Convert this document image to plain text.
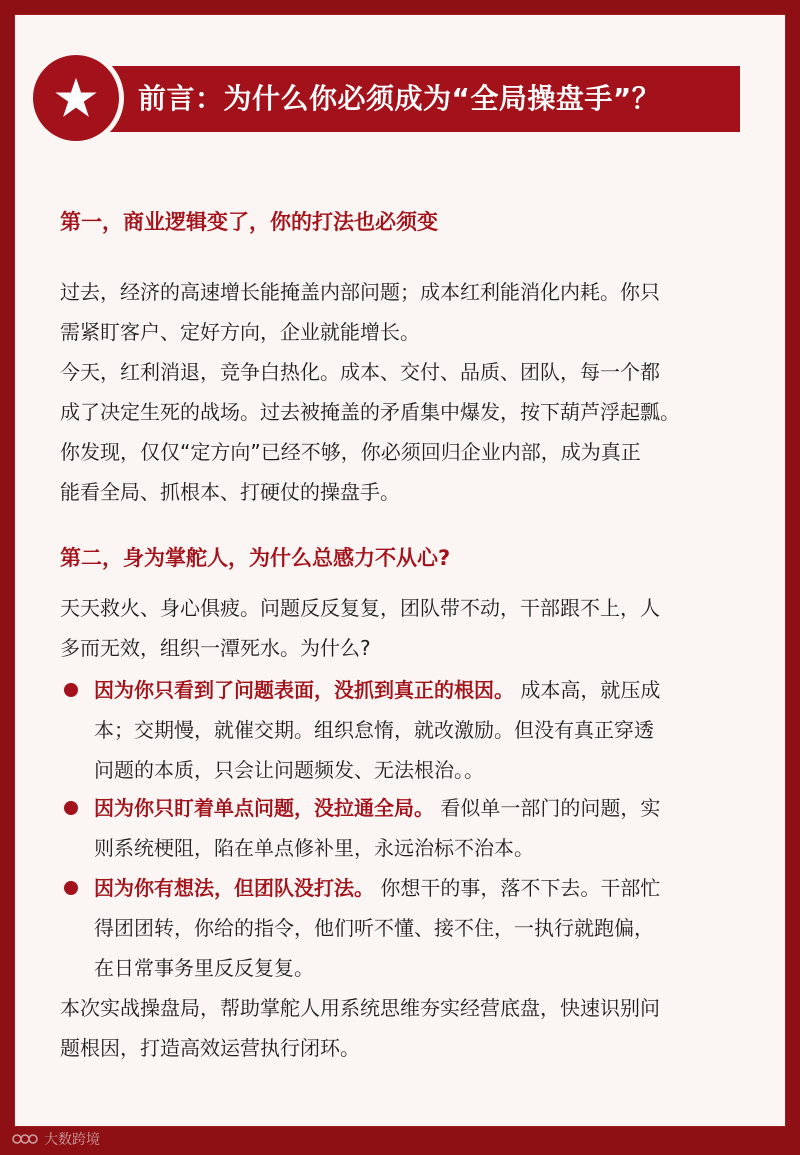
前言：为什么你必须成为“全局操盘手”？
第一，商业逻辑变了，你的打法也必须变

过去，经济的高速增长能掩盖内部问题；成本红利能消化内耗。你只

需紧盯客户、定好方向，企业就能增长。

今天，红利消退，竞争白热化。成本、交付、品质、团队，每一个都

成了决定生死的战场。过去被掩盖的矛盾集中爆发，按下葫芦浮起瓢。

你发现，仅仅“定方向”已经不够，你必须回归企业内部，成为真正

能看全局、抓根本、打硬仗的操盘手。

第二，身为掌舵人，为什么总感力不从心?

天天救火、身心俱疲。问题反反复复，团队带不动，干部跟不上，人

多而无效，组织一潭死水。为什么?

因为你只看到了问题表面，没抓到真正的根因。 成本高，就压成
本；交期慢，就催交期。组织怠惰，就改激励。但没有真正穿透
问题的本质，只会让问题频发、无法根治。。
因为你只盯着单点问题，没拉通全局。 看似单一部门的问题，实
则系统梗阻，陷在单点修补里，永远治标不治本。
因为你有想法，但团队没打法。 你想干的事，落不下去。干部忙
得团团转，你给的指令，他们听不懂、接不住，一执行就跑偏，
在日常事务里反反复复。

本次实战操盘局，帮助掌舵人用系统思维夯实经营底盘，快速识别问

题根因，打造高效运营执行闭环。

大数跨境
